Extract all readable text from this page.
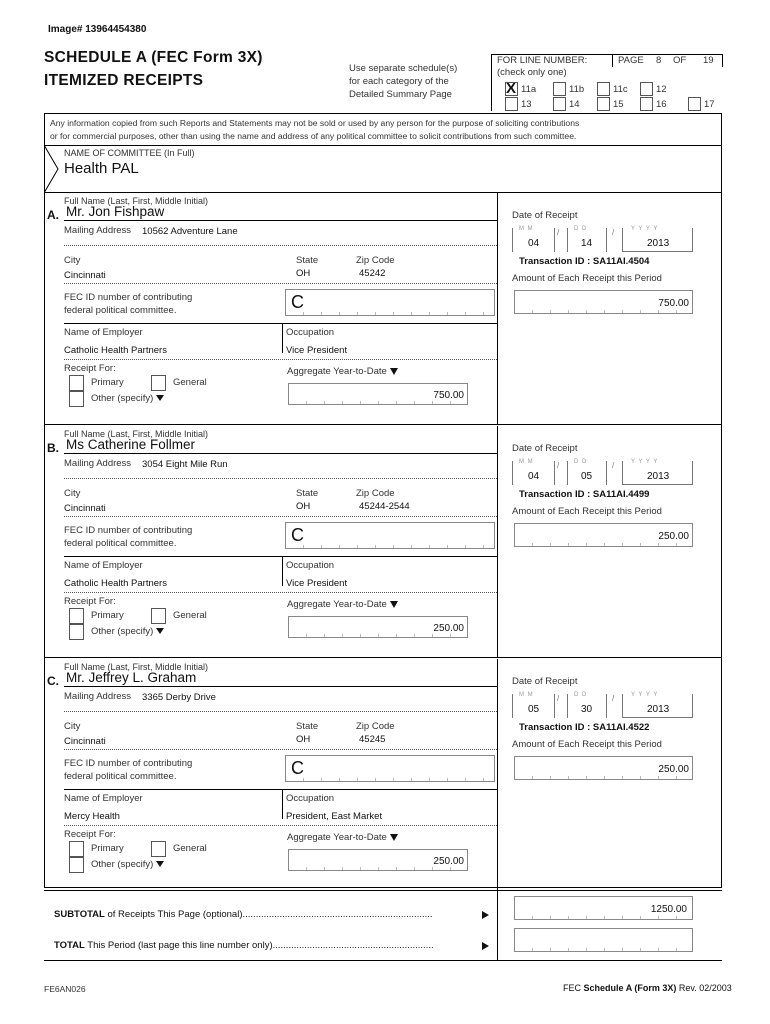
Image# 13964454380
SCHEDULE A (FEC Form 3X)
ITEMIZED RECEIPTS
Use separate schedule(s)
for each category of the
Detailed Summary Page
FOR LINE NUMBER:
(check only one)
PAGE 8 OF 19
X 11a	11b	11c	12
13	14	15	16	17
Any information copied from such Reports and Statements may not be sold or used by any person for the purpose of soliciting contributions
or for commercial purposes, other than using the name and address of any political committee to solicit contributions from such committee.
NAME OF COMMITTEE (In Full)
Health PAL
Full Name (Last, First, Middle Initial)
A. Mr. Jon Fishpaw
Mailing Address 10562 Adventure Lane
City	State	Zip Code
Cincinnati	OH	45242
FEC ID number of contributing
federal political committee.	C
Name of Employer	Occupation
Catholic Health Partners	Vice President
Receipt For:
Primary	General
Other (specify)
Aggregate Year-to-Date
750.00
Date of Receipt
M M
04
/ D D
14
/	Y Y Y Y
2013
Transaction ID : SA11AI.4504
Amount of Each Receipt this Period
750.00
Full Name (Last, First, Middle Initial)
B. Ms Catherine Follmer
Mailing Address 3054 Eight Mile Run
City	State	Zip Code
Cincinnati	OH	45244-2544
FEC ID number of contributing
federal political committee.	C
Name of Employer	Occupation
Catholic Health Partners	Vice President
Receipt For:
Primary	General
Other (specify)
Aggregate Year-to-Date
250.00
Date of Receipt
M M
04
/ D D
05
/	Y Y Y Y
2013
Transaction ID : SA11AI.4499
Amount of Each Receipt this Period
250.00
Full Name (Last, First, Middle Initial)
C. Mr. Jeffrey L. Graham
Mailing Address 3365 Derby Drive
City	State	Zip Code
Cincinnati	OH	45245
FEC ID number of contributing
federal political committee.	C
Name of Employer	Occupation
Mercy Health	President, East Market
Receipt For:
Primary	General
Other (specify)
Aggregate Year-to-Date
250.00
Date of Receipt
M M
05
/ D D
30
/	Y Y Y Y
2013
Transaction ID : SA11AI.4522
Amount of Each Receipt this Period
250.00
SUBTOTAL of Receipts This Page (optional)........................................................................	1250.00
TOTAL This Period (last page this line number only).............................................................
FE6AN026	FEC Schedule A (Form 3X) Rev. 02/2003
